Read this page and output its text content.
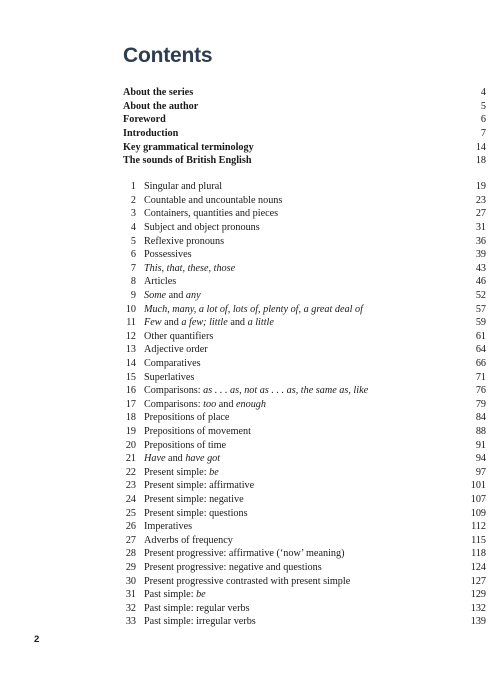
Contents
About the series	4
About the author	5
Foreword	6
Introduction	7
Key grammatical terminology	14
The sounds of British English	18
1 Singular and plural	19
2 Countable and uncountable nouns	23
3 Containers, quantities and pieces	27
4 Subject and object pronouns	31
5 Reflexive pronouns	36
6 Possessives	39
7 This, that, these, those	43
8 Articles	46
9 Some and any	52
10 Much, many, a lot of, lots of, plenty of, a great deal of	57
11 Few and a few; little and a little	59
12 Other quantifiers	61
13 Adjective order	64
14 Comparatives	66
15 Superlatives	71
16 Comparisons: as . . . as, not as . . . as, the same as, like	76
17 Comparisons: too and enough	79
18 Prepositions of place	84
19 Prepositions of movement	88
20 Prepositions of time	91
21 Have and have got	94
22 Present simple: be	97
23 Present simple: affirmative	101
24 Present simple: negative	107
25 Present simple: questions	109
26 Imperatives	112
27 Adverbs of frequency	115
28 Present progressive: affirmative (‘now’ meaning)	118
29 Present progressive: negative and questions	124
30 Present progressive contrasted with present simple	127
31 Past simple: be	129
32 Past simple: regular verbs	132
33 Past simple: irregular verbs	139
2
